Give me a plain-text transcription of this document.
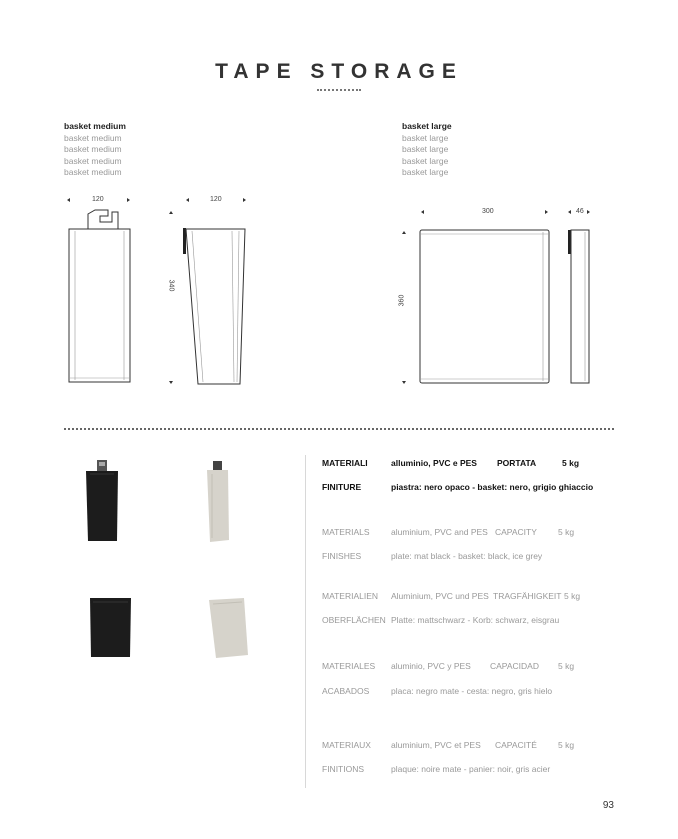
TAPE STORAGE
basket medium
basket medium
basket medium
basket medium
basket medium
basket large
basket large
basket large
basket large
basket large
120	120
340
300	46
360
MATERIALI	alluminio, PVC e PES PORTATA	5 kg
FINITURE	piastra: nero opaco - basket: nero, grigio ghiaccio
MATERIALS	aluminium, PVC and PES CAPACITY 5 kg
FINISHES	plate: mat black - basket: black, ice grey
MATERIALIEN Aluminium, PVC und PES TRAGFÄHIGKEIT 5 kg
OBERFLÄCHEN Platte: mattschwarz - Korb: schwarz, eisgrau
MATERIALES aluminio, PVC y PES CAPACIDAD 5 kg
ACABADOS	placa: negro mate - cesta: negro, gris hielo
MATERIAUX aluminium, PVC et PES CAPACITÉ 5 kg
FINITIONS	plaque: noire mate - panier: noir, gris acier
93
